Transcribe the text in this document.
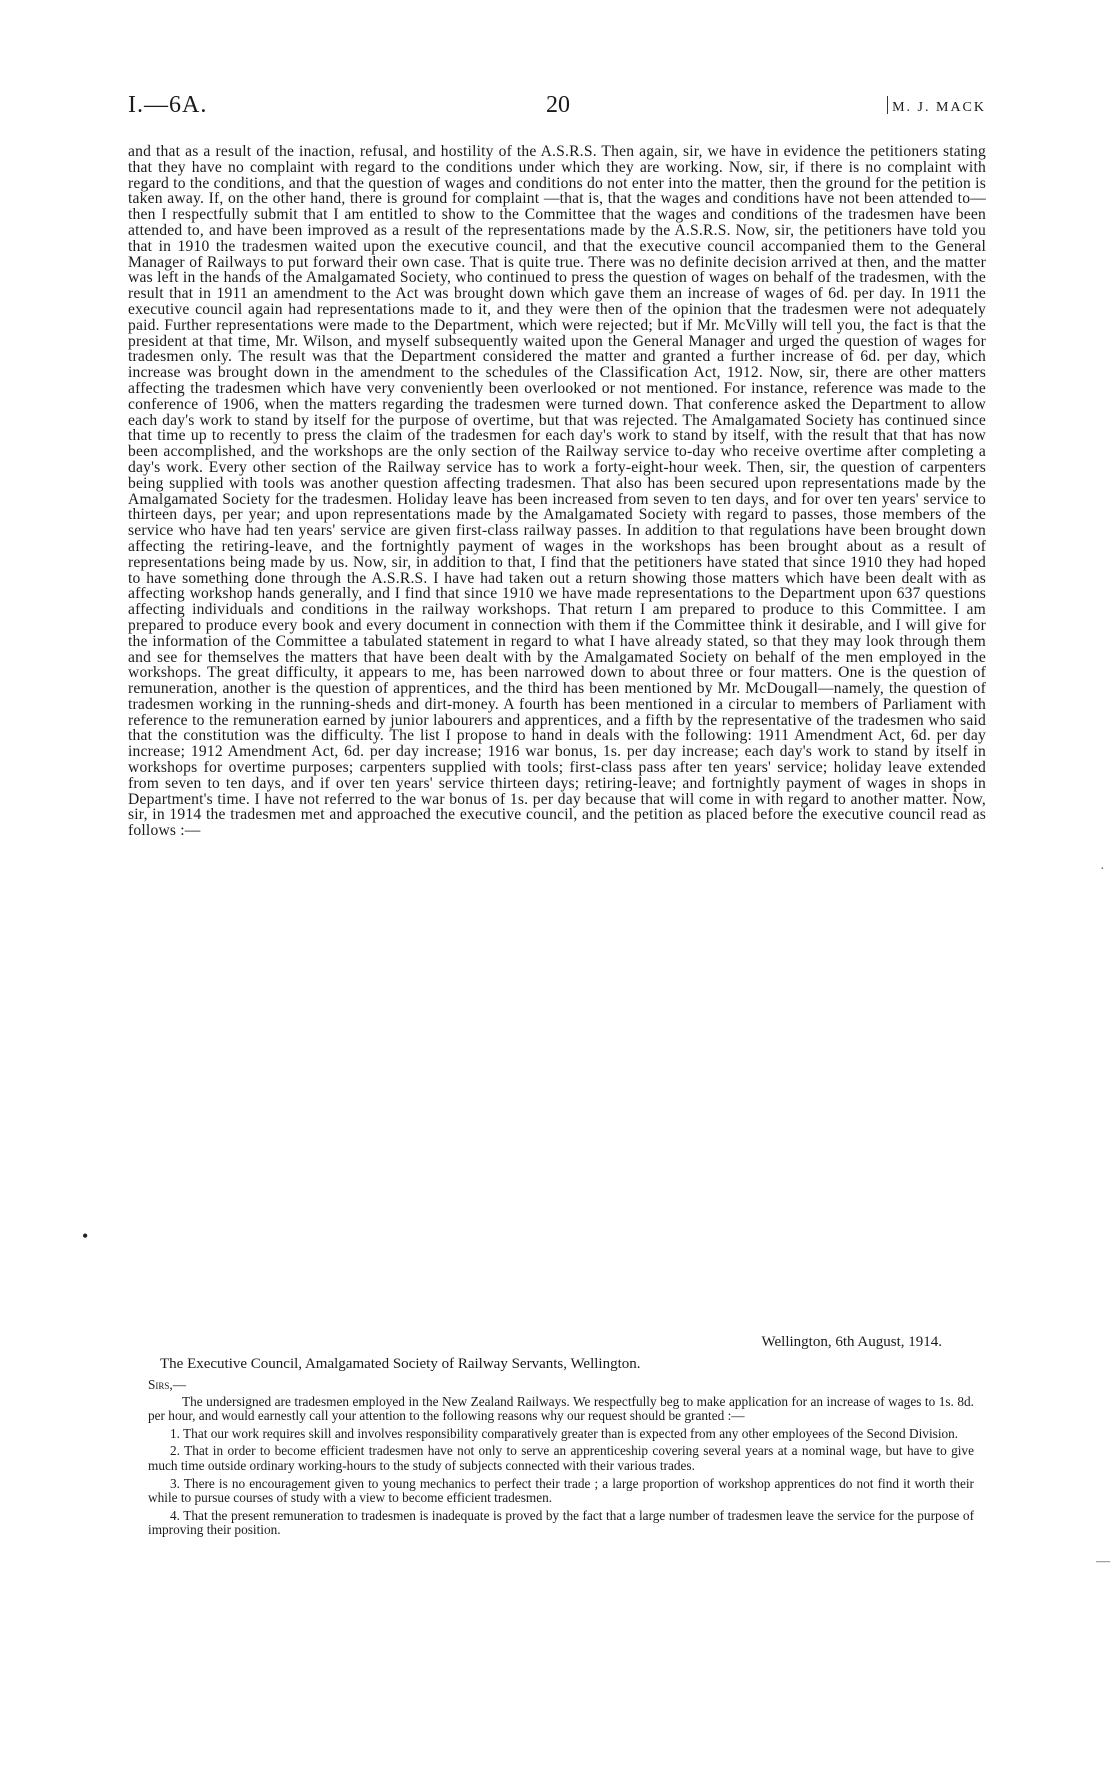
I.—6A.	20	M. J. MACK

and that as a result of the inaction, refusal, and hostility of the A.S.R.S. Then again, sir, we have in evidence the petitioners stating that they have no complaint with regard to the conditions under which they are working. Now, sir, if there is no complaint with regard to the conditions, and that the question of wages and conditions do not enter into the matter, then the ground for the petition is taken away. If, on the other hand, there is ground for complaint —that is, that the wages and conditions have not been attended to—then I respectfully submit that I am entitled to show to the Committee that the wages and conditions of the tradesmen have been attended to, and have been improved as a result of the representations made by the A.S.R.S. Now, sir, the petitioners have told you that in 1910 the tradesmen waited upon the executive council, and that the executive council accompanied them to the General Manager of Railways to put forward their own case. That is quite true. There was no definite decision arrived at then, and the matter was left in the hands of the Amalgamated Society, who continued to press the question of wages on behalf of the tradesmen, with the result that in 1911 an amendment to the Act was brought down which gave them an increase of wages of 6d. per day. In 1911 the executive council again had representations made to it, and they were then of the opinion that the tradesmen were not adequately paid. Further representations were made to the Department, which were rejected; but if Mr. McVilly will tell you, the fact is that the president at that time, Mr. Wilson, and myself subsequently waited upon the General Manager and urged the question of wages for tradesmen only. The result was that the Department considered the matter and granted a further increase of 6d. per day, which increase was brought down in the amendment to the schedules of the Classification Act, 1912. Now, sir, there are other matters affecting the tradesmen which have very conveniently been overlooked or not mentioned. For instance, reference was made to the conference of 1906, when the matters regarding the tradesmen were turned down. That conference asked the Department to allow each day's work to stand by itself for the purpose of overtime, but that was rejected. The Amalgamated Society has continued since that time up to recently to press the claim of the tradesmen for each day's work to stand by itself, with the result that that has now been accomplished, and the workshops are the only section of the Railway service to-day who receive overtime after completing a day's work. Every other section of the Railway service has to work a forty-eight-hour week. Then, sir, the question of carpenters being supplied with tools was another question affecting tradesmen. That also has been secured upon representations made by the Amalgamated Society for the tradesmen. Holiday leave has been increased from seven to ten days, and for over ten years' service to thirteen days, per year; and upon representations made by the Amalgamated Society with regard to passes, those members of the service who have had ten years' service are given first-class railway passes. In addition to that regulations have been brought down affecting the retiring-leave, and the fortnightly payment of wages in the workshops has been brought about as a result of representations being made by us. Now, sir, in addition to that, I find that the petitioners have stated that since 1910 they had hoped to have something done through the A.S.R.S. I have had taken out a return showing those matters which have been dealt with as affecting workshop hands generally, and I find that since 1910 we have made representations to the Department upon 637 questions affecting individuals and conditions in the railway workshops. That return I am prepared to produce to this Committee. I am prepared to produce every book and every document in connection with them if the Committee think it desirable, and I will give for the information of the Committee a tabulated statement in regard to what I have already stated, so that they may look through them and see for themselves the matters that have been dealt with by the Amalgamated Society on behalf of the men employed in the workshops. The great difficulty, it appears to me, has been narrowed down to about three or four matters. One is the question of remuneration, another is the question of apprentices, and the third has been mentioned by Mr. McDougall—namely, the question of tradesmen working in the running-sheds and dirt-money. A fourth has been mentioned in a circular to members of Parliament with reference to the remuneration earned by junior labourers and apprentices, and a fifth by the representative of the tradesmen who said that the constitution was the difficulty. The list I propose to hand in deals with the following: 1911 Amendment Act, 6d. per day increase; 1912 Amendment Act, 6d. per day increase; 1916 war bonus, 1s. per day increase; each day's work to stand by itself in workshops for overtime purposes; carpenters supplied with tools; first-class pass after ten years' service; holiday leave extended from seven to ten days, and if over ten years' service thirteen days; retiring-leave; and fortnightly payment of wages in shops in Department's time. I have not referred to the war bonus of 1s. per day because that will come in with regard to another matter. Now, sir, in 1914 the tradesmen met and approached the executive council, and the petition as placed before the executive council read as follows :—

Wellington, 6th August, 1914.
The Executive Council, Amalgamated Society of Railway Servants, Wellington.

Sirs,—

The undersigned are tradesmen employed in the New Zealand Railways. We respectfully beg to make application for an increase of wages to 1s. 8d. per hour, and would earnestly call your attention to the following reasons why our request should be granted :—

1. That our work requires skill and involves responsibility comparatively greater than is expected from any other employees of the Second Division.

2. That in order to become efficient tradesmen have not only to serve an apprenticeship covering several years at a nominal wage, but have to give much time outside ordinary working-hours to the study of subjects connected with their various trades.

3. There is no encouragement given to young mechanics to perfect their trade ; a large proportion of workshop apprentices do not find it worth their while to pursue courses of study with a view to become efficient tradesmen.

4. That the present remuneration to tradesmen is inadequate is proved by the fact that a large number of tradesmen leave the service for the purpose of improving their position.

·
•
—
